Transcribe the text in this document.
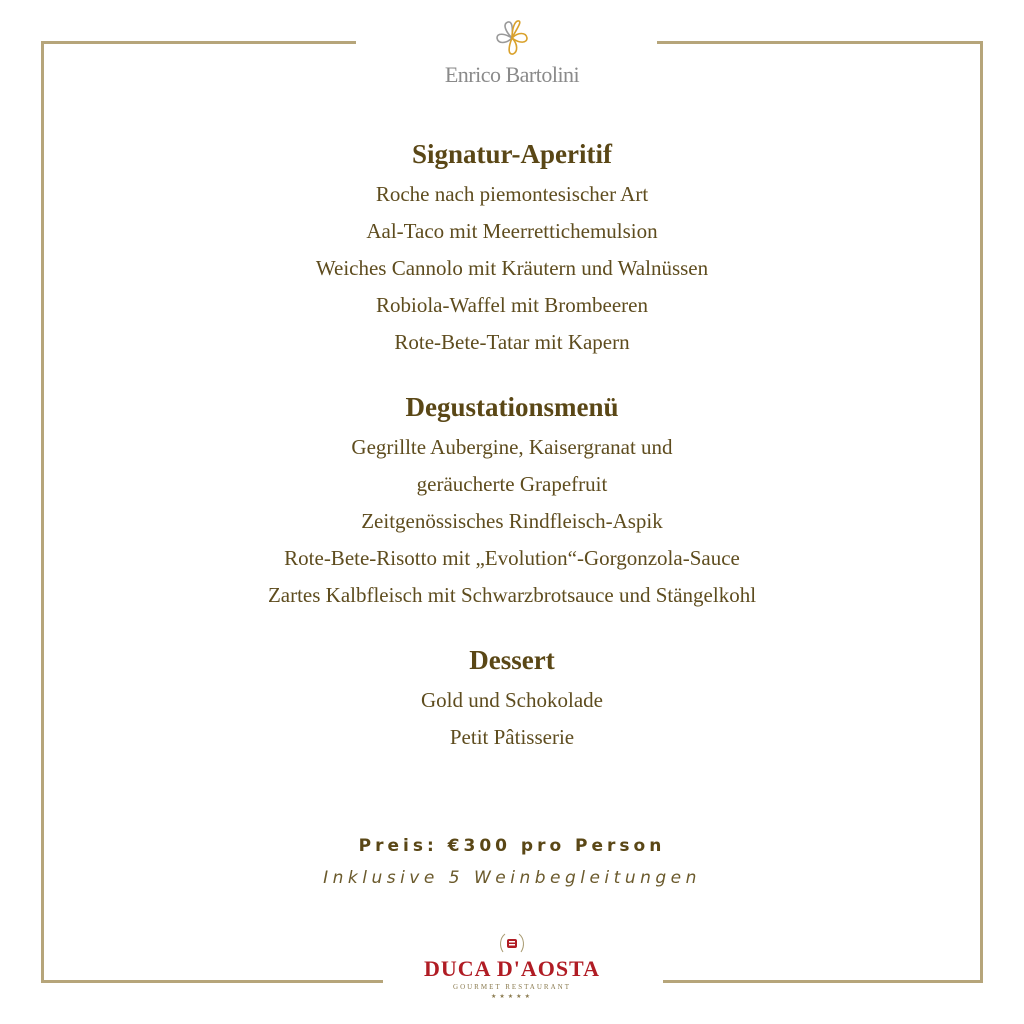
Enrico Bartolini
Signatur-Aperitif
Roche nach piemontesischer Art
Aal-Taco mit Meerrettichemulsion
Weiches Cannolo mit Kräutern und Walnüssen
Robiola-Waffel mit Brombeeren
Rote-Bete-Tatar mit Kapern
Degustationsmenü
Gegrillte Aubergine, Kaisergranat und
geräucherte Grapefruit
Zeitgenössisches Rindfleisch-Aspik
Rote-Bete-Risotto mit „Evolution“-Gorgonzola-Sauce
Zartes Kalbfleisch mit Schwarzbrotsauce und Stängelkohl
Dessert
Gold und Schokolade
Petit Pâtisserie
Preis: €300 pro Person
Inklusive 5 Weinbegleitungen
DUCA D'AOSTA
GOURMET RESTAURANT
★★★★★
